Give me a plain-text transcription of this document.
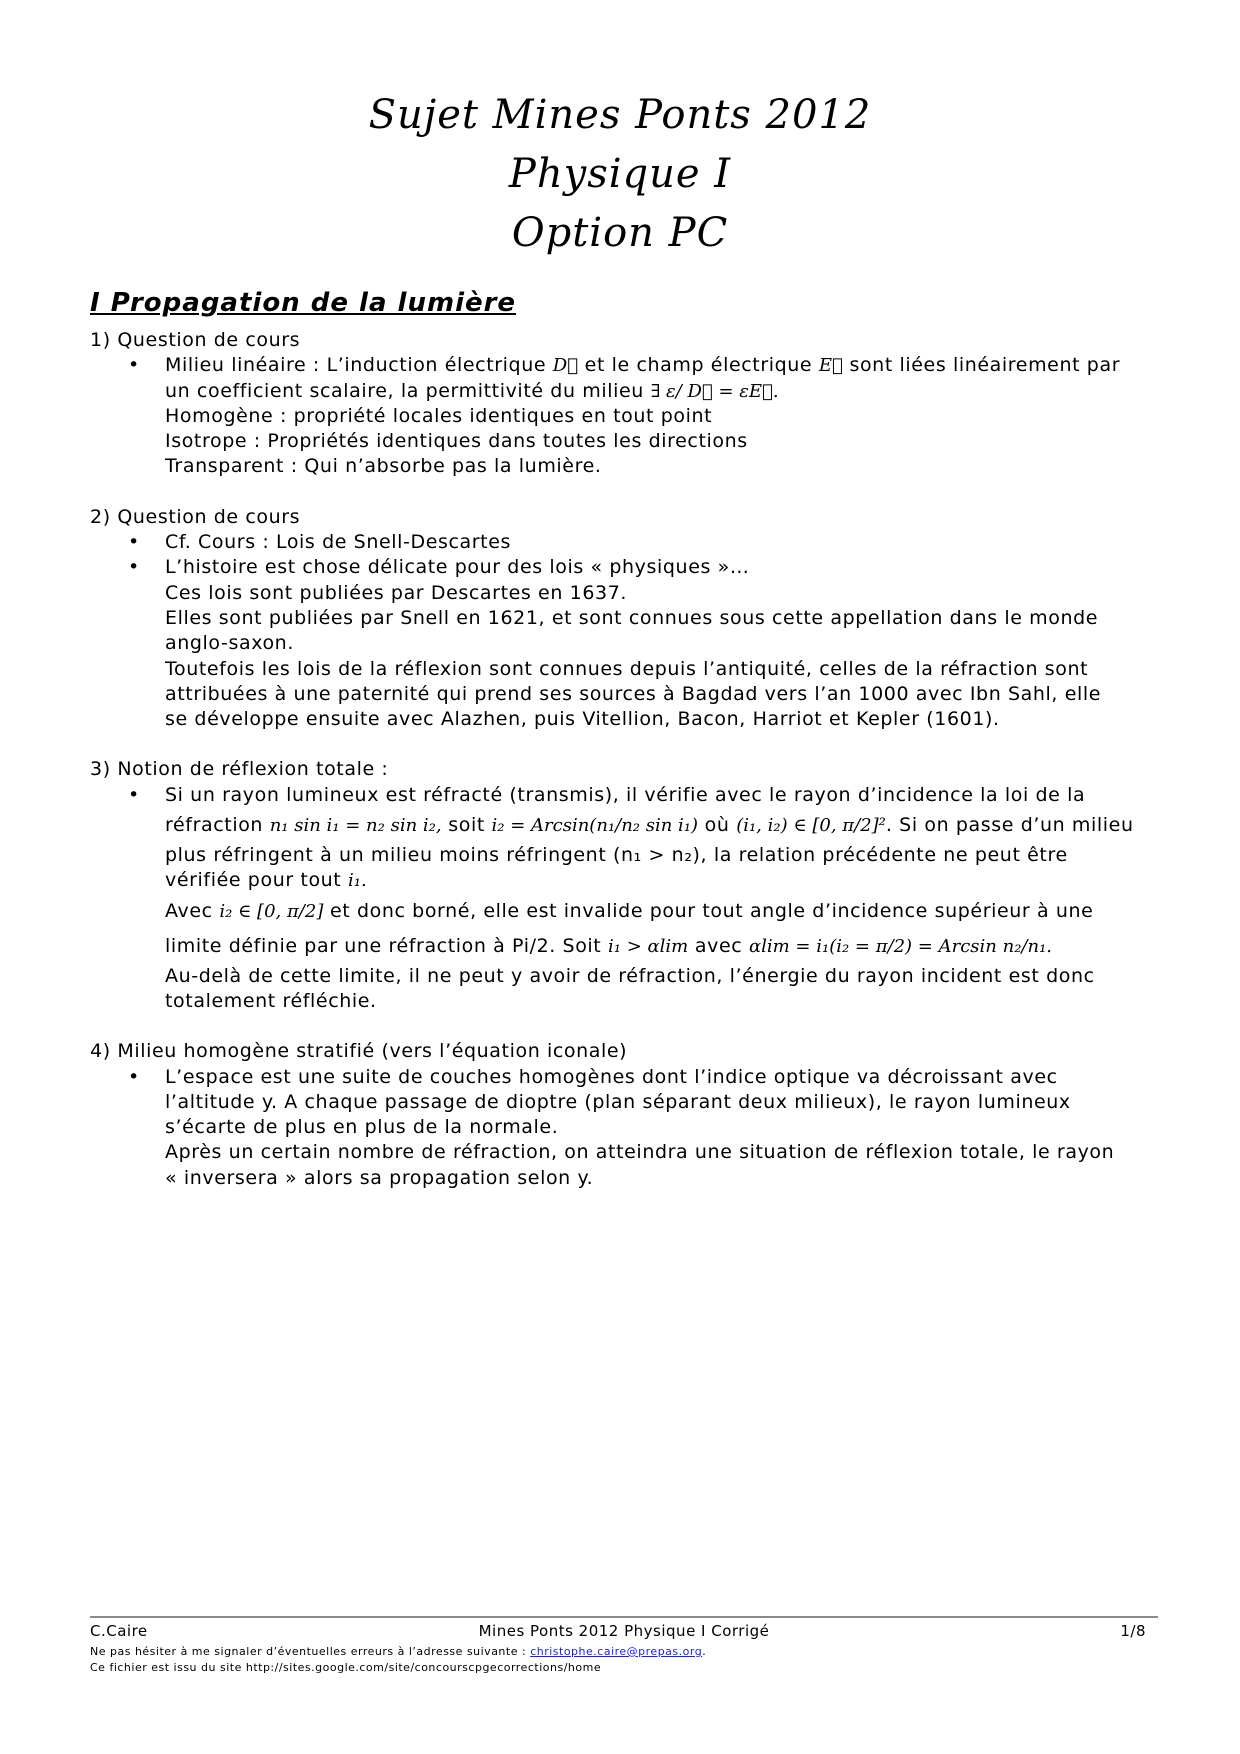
Sujet Mines Ponts 2012
Physique I
Option PC
I Propagation de la lumière
1) Question de cours
• Milieu linéaire : L’induction électrique D⃗ et le champ électrique E⃗ sont liées linéairement par
un coefficient scalaire, la permittivité du milieu ∃ ε/ D⃗ = εE⃗.
Homogène : propriété locales identiques en tout point
Isotrope : Propriétés identiques dans toutes les directions
Transparent : Qui n’absorbe pas la lumière.
2) Question de cours
• Cf. Cours : Lois de Snell-Descartes
• L’histoire est chose délicate pour des lois « physiques »…
Ces lois sont publiées par Descartes en 1637.
Elles sont publiées par Snell en 1621, et sont connues sous cette appellation dans le monde
anglo-saxon.
Toutefois les lois de la réflexion sont connues depuis l’antiquité, celles de la réfraction sont
attribuées à une paternité qui prend ses sources à Bagdad vers l’an 1000 avec Ibn Sahl, elle
se développe ensuite avec Alazhen, puis Vitellion, Bacon, Harriot et Kepler (1601).
3) Notion de réflexion totale :
• Si un rayon lumineux est réfracté (transmis), il vérifie avec le rayon d’incidence la loi de la
réfraction n₁ sin i₁ = n₂ sin i₂, soit i₂ = Arcsin(n₁/n₂ sin i₁) où (i₁, i₂) ∈ [0, π/2]². Si on passe d’un milieu
plus réfringent à un milieu moins réfringent (n₁ > n₂), la relation précédente ne peut être
vérifiée pour tout i₁.
Avec i₂ ∈ [0, π/2] et donc borné, elle est invalide pour tout angle d’incidence supérieur à une
limite définie par une réfraction à Pi/2. Soit i₁ > αlim avec αlim = i₁(i₂ = π/2) = Arcsin n₂/n₁.
Au-delà de cette limite, il ne peut y avoir de réfraction, l’énergie du rayon incident est donc
totalement réfléchie.
4) Milieu homogène stratifié (vers l’équation iconale)
• L’espace est une suite de couches homogènes dont l’indice optique va décroissant avec
l’altitude y. A chaque passage de dioptre (plan séparant deux milieux), le rayon lumineux
s’écarte de plus en plus de la normale.
Après un certain nombre de réfraction, on atteindra une situation de réflexion totale, le rayon
« inversera » alors sa propagation selon y.
C.Caire	Mines Ponts 2012 Physique I Corrigé	1/8
Ne pas hésiter à me signaler d’éventuelles erreurs à l’adresse suivante : christophe.caire@prepas.org.
Ce fichier est issu du site http://sites.google.com/site/concourscpgecorrections/home
